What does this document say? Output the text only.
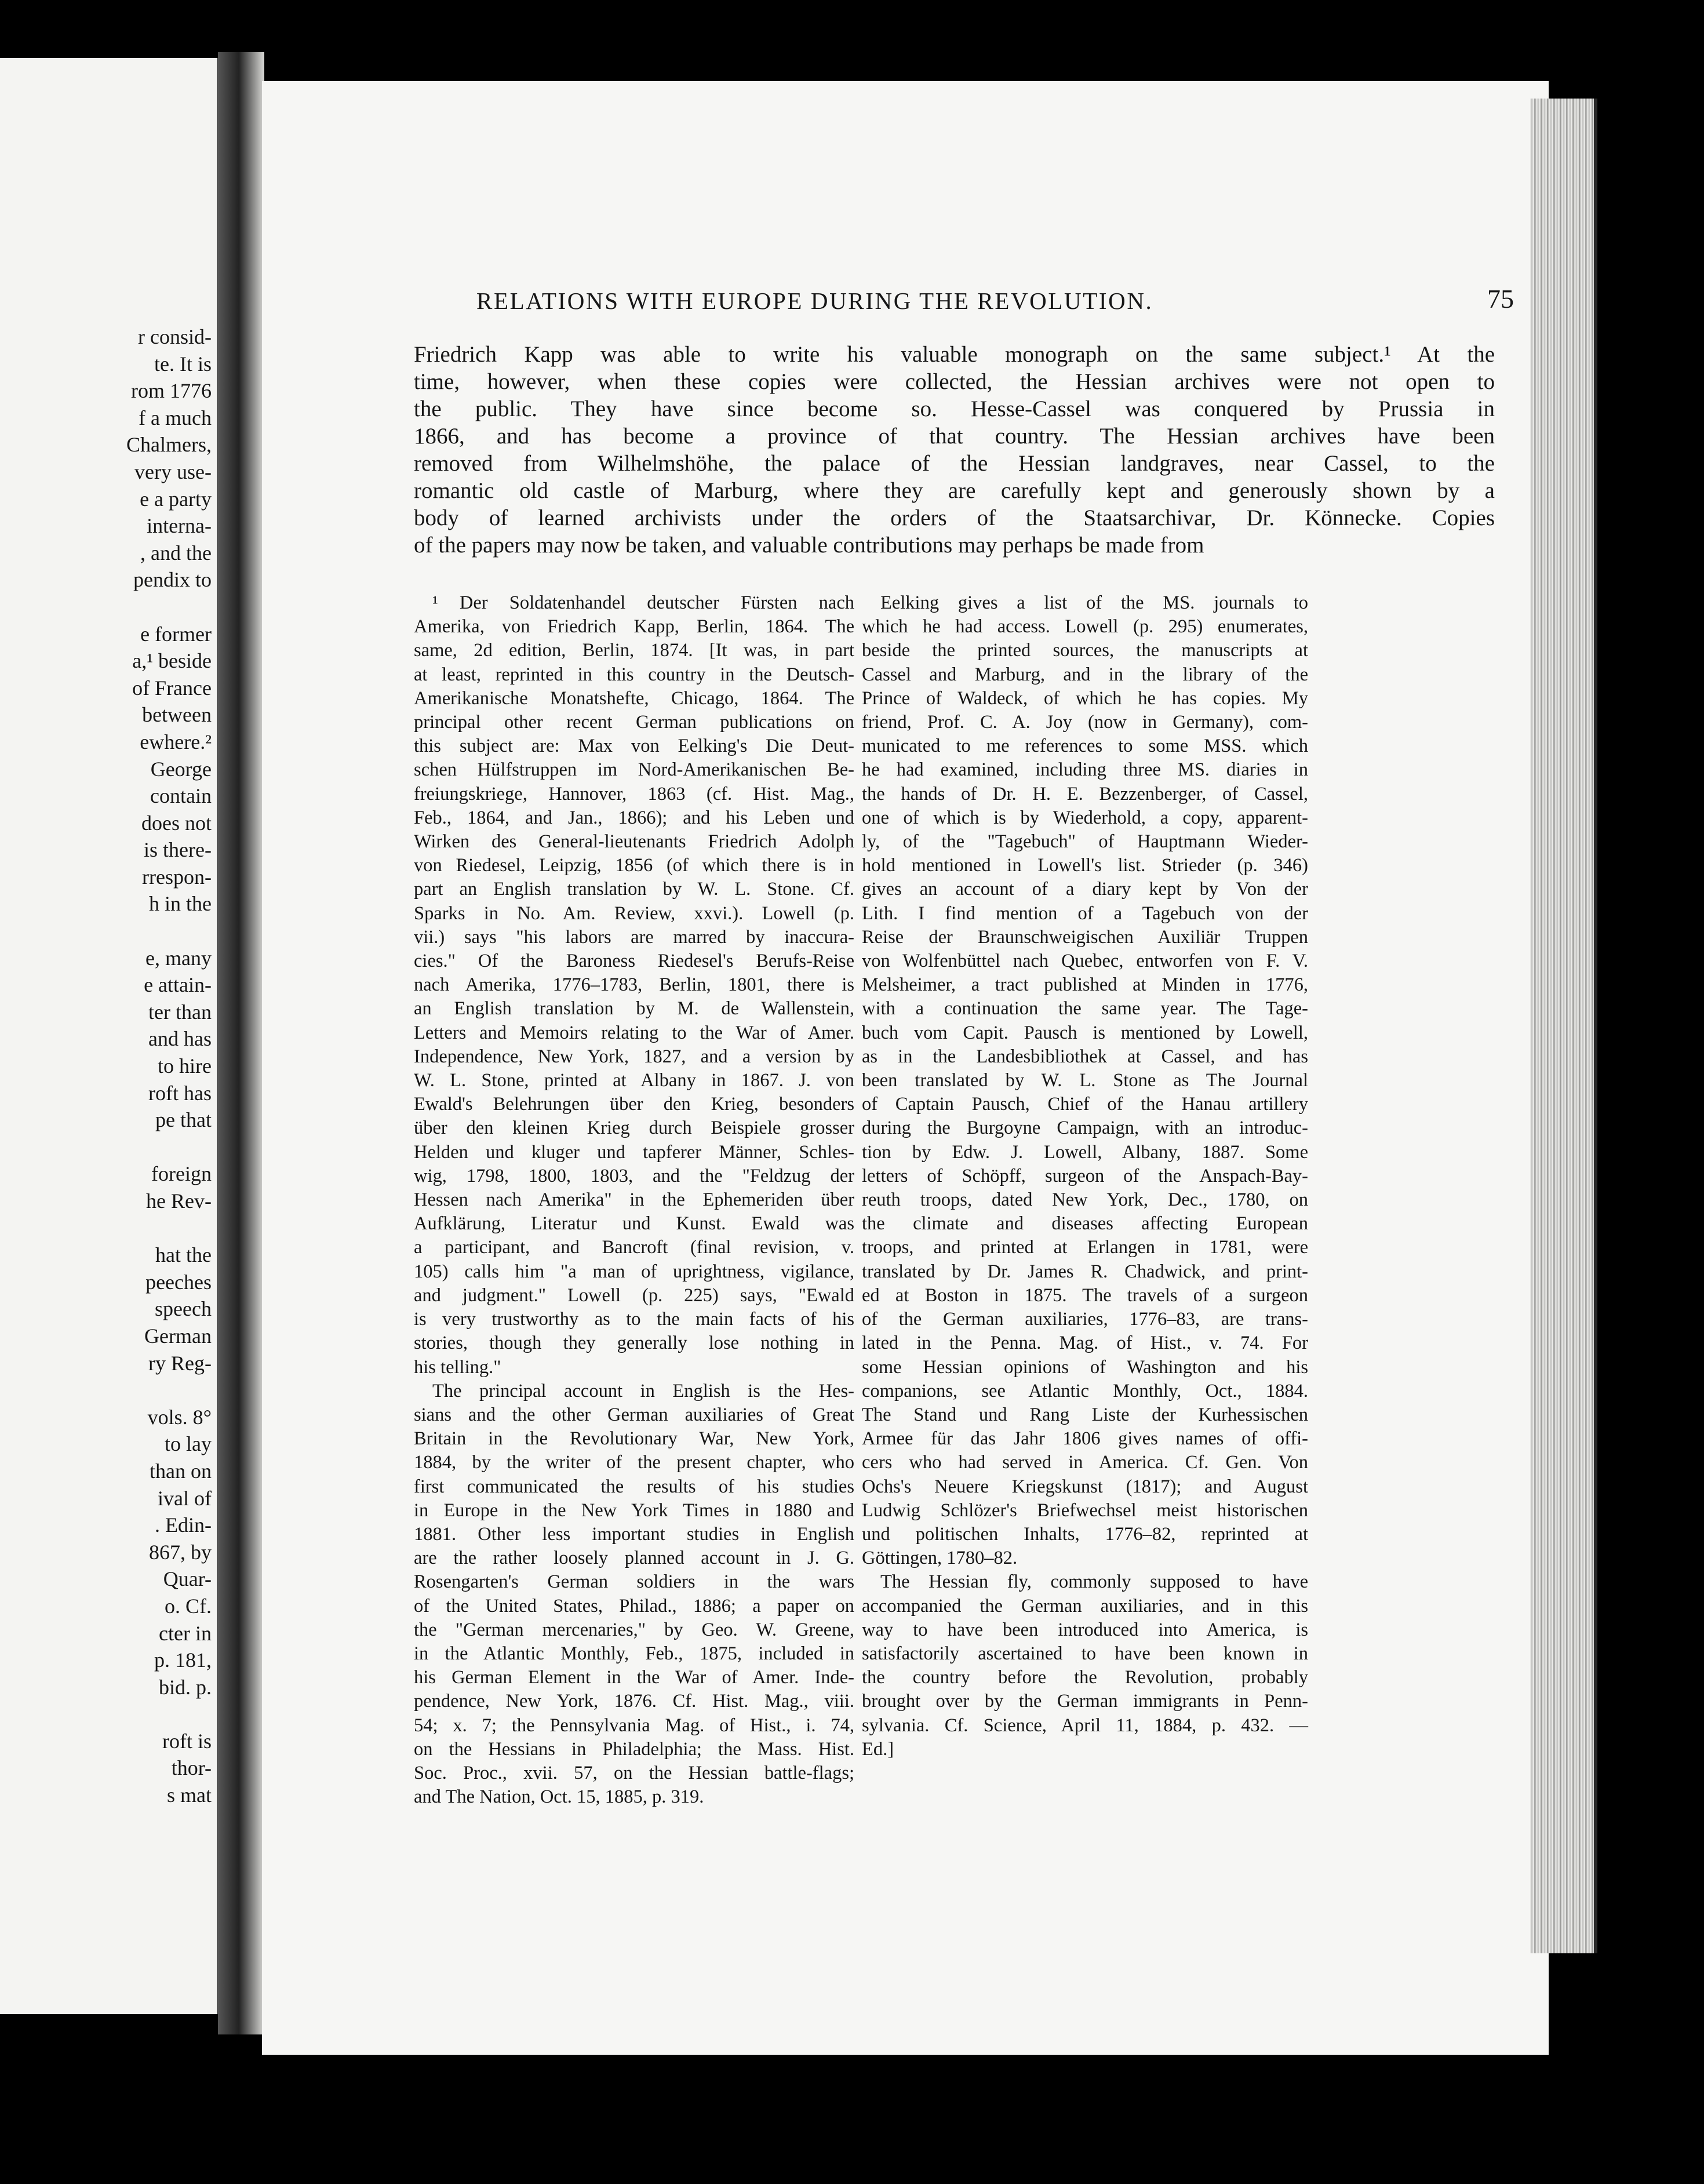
r consid-
te. It is
rom 1776
f a much
Chalmers,
very use-
e a party
interna-
, and the
pendix to
e former
a,¹ beside
of France
between
ewhere.²
George
contain
does not
is there-
rrespon-
h in the
e, many
e attain-
ter than
and has
to hire
roft has
pe that
foreign
he Rev-
hat the
peeches
speech
German
ry Reg-
vols. 8°
to lay
than on
ival of
. Edin-
867, by
Quar-
o. Cf.
cter in
p. 181,
bid. p.
roft is
thor-
s mat
RELATIONS WITH EUROPE DURING THE REVOLUTION.	75
Friedrich Kapp was able to write his valuable monograph on the same subject.¹ At the
time, however, when these copies were collected, the Hessian archives were not open to
the public. They have since become so. Hesse-Cassel was conquered by Prussia in
1866, and has become a province of that country. The Hessian archives have been
removed from Wilhelmshöhe, the palace of the Hessian landgraves, near Cassel, to the
romantic old castle of Marburg, where they are carefully kept and generously shown by a
body of learned archivists under the orders of the Staatsarchivar, Dr. Könnecke. Copies
of the papers may now be taken, and valuable contributions may perhaps be made from
¹ Der Soldatenhandel deutscher Fürsten nach
Amerika, von Friedrich Kapp, Berlin, 1864. The
same, 2d edition, Berlin, 1874. [It was, in part
at least, reprinted in this country in the Deutsch-
Amerikanische Monatshefte, Chicago, 1864. The
principal other recent German publications on
this subject are: Max von Eelking's Die Deut-
schen Hülfstruppen im Nord-Amerikanischen Be-
freiungskriege, Hannover, 1863 (cf. Hist. Mag.,
Feb., 1864, and Jan., 1866); and his Leben und
Wirken des General-lieutenants Friedrich Adolph
von Riedesel, Leipzig, 1856 (of which there is in
part an English translation by W. L. Stone. Cf.
Sparks in No. Am. Review, xxvi.). Lowell (p.
vii.) says "his labors are marred by inaccura-
cies." Of the Baroness Riedesel's Berufs-Reise
nach Amerika, 1776–1783, Berlin, 1801, there is
an English translation by M. de Wallenstein,
Letters and Memoirs relating to the War of Amer.
Independence, New York, 1827, and a version by
W. L. Stone, printed at Albany in 1867. J. von
Ewald's Belehrungen über den Krieg, besonders
über den kleinen Krieg durch Beispiele grosser
Helden und kluger und tapferer Männer, Schles-
wig, 1798, 1800, 1803, and the "Feldzug der
Hessen nach Amerika" in the Ephemeriden über
Aufklärung, Literatur und Kunst. Ewald was
a participant, and Bancroft (final revision, v.
105) calls him "a man of uprightness, vigilance,
and judgment." Lowell (p. 225) says, "Ewald
is very trustworthy as to the main facts of his
stories, though they generally lose nothing in
his telling."
The principal account in English is the Hes-
sians and the other German auxiliaries of Great
Britain in the Revolutionary War, New York,
1884, by the writer of the present chapter, who
first communicated the results of his studies
in Europe in the New York Times in 1880 and
1881. Other less important studies in English
are the rather loosely planned account in J. G.
Rosengarten's German soldiers in the wars
of the United States, Philad., 1886; a paper on
the "German mercenaries," by Geo. W. Greene,
in the Atlantic Monthly, Feb., 1875, included in
his German Element in the War of Amer. Inde-
pendence, New York, 1876. Cf. Hist. Mag., viii.
54; x. 7; the Pennsylvania Mag. of Hist., i. 74,
on the Hessians in Philadelphia; the Mass. Hist.
Soc. Proc., xvii. 57, on the Hessian battle-flags;
and The Nation, Oct. 15, 1885, p. 319.
Eelking gives a list of the MS. journals to
which he had access. Lowell (p. 295) enumerates,
beside the printed sources, the manuscripts at
Cassel and Marburg, and in the library of the
Prince of Waldeck, of which he has copies. My
friend, Prof. C. A. Joy (now in Germany), com-
municated to me references to some MSS. which
he had examined, including three MS. diaries in
the hands of Dr. H. E. Bezzenberger, of Cassel,
one of which is by Wiederhold, a copy, apparent-
ly, of the "Tagebuch" of Hauptmann Wieder-
hold mentioned in Lowell's list. Strieder (p. 346)
gives an account of a diary kept by Von der
Lith. I find mention of a Tagebuch von der
Reise der Braunschweigischen Auxiliär Truppen
von Wolfenbüttel nach Quebec, entworfen von F. V.
Melsheimer, a tract published at Minden in 1776,
with a continuation the same year. The Tage-
buch vom Capit. Pausch is mentioned by Lowell,
as in the Landesbibliothek at Cassel, and has
been translated by W. L. Stone as The Journal
of Captain Pausch, Chief of the Hanau artillery
during the Burgoyne Campaign, with an introduc-
tion by Edw. J. Lowell, Albany, 1887. Some
letters of Schöpff, surgeon of the Anspach-Bay-
reuth troops, dated New York, Dec., 1780, on
the climate and diseases affecting European
troops, and printed at Erlangen in 1781, were
translated by Dr. James R. Chadwick, and print-
ed at Boston in 1875. The travels of a surgeon
of the German auxiliaries, 1776–83, are trans-
lated in the Penna. Mag. of Hist., v. 74. For
some Hessian opinions of Washington and his
companions, see Atlantic Monthly, Oct., 1884.
The Stand und Rang Liste der Kurhessischen
Armee für das Jahr 1806 gives names of offi-
cers who had served in America. Cf. Gen. Von
Ochs's Neuere Kriegskunst (1817); and August
Ludwig Schlözer's Briefwechsel meist historischen
und politischen Inhalts, 1776–82, reprinted at
Göttingen, 1780–82.
The Hessian fly, commonly supposed to have
accompanied the German auxiliaries, and in this
way to have been introduced into America, is
satisfactorily ascertained to have been known in
the country before the Revolution, probably
brought over by the German immigrants in Penn-
sylvania. Cf. Science, April 11, 1884, p. 432. —
Ed.]
